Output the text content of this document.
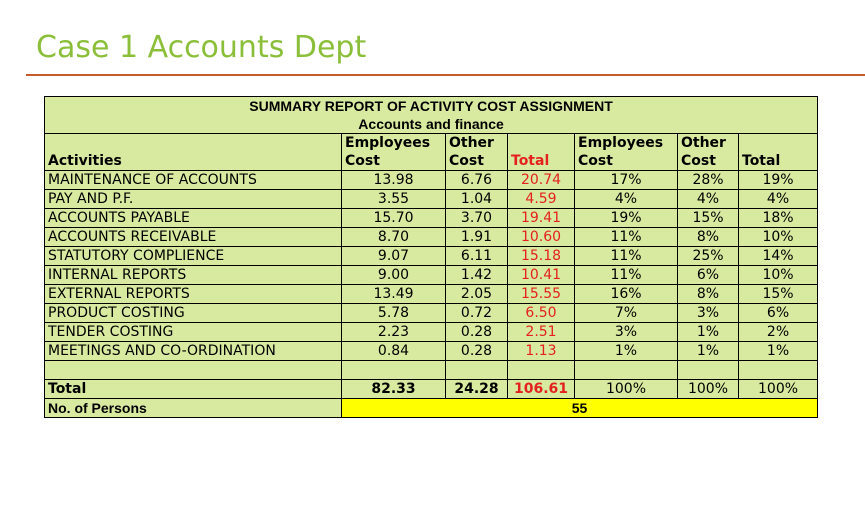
Case 1 Accounts Dept
SUMMARY REPORT OF ACTIVITY COST ASSIGNMENT						
Accounts and finance						
	Employees	Other		Employees	Other	
Activities	Cost	Cost	Total	Cost	Cost	Total
MAINTENANCE OF ACCOUNTS	13.98	6.76	20.74	17%	28%	19%
PAY AND P.F.	3.55	1.04	4.59	4%	4%	4%
ACCOUNTS PAYABLE	15.70	3.70	19.41	19%	15%	18%
ACCOUNTS RECEIVABLE	8.70	1.91	10.60	11%	8%	10%
STATUTORY COMPLIENCE	9.07	6.11	15.18	11%	25%	14%
INTERNAL REPORTS	9.00	1.42	10.41	11%	6%	10%
EXTERNAL REPORTS	13.49	2.05	15.55	16%	8%	15%
PRODUCT COSTING	5.78	0.72	6.50	7%	3%	6%
TENDER COSTING	2.23	0.28	2.51	3%	1%	2%
MEETINGS AND CO-ORDINATION	0.84	0.28	1.13	1%	1%	1%

Total	82.33	24.28	106.61	100%	100%	100%
No. of Persons	55					
